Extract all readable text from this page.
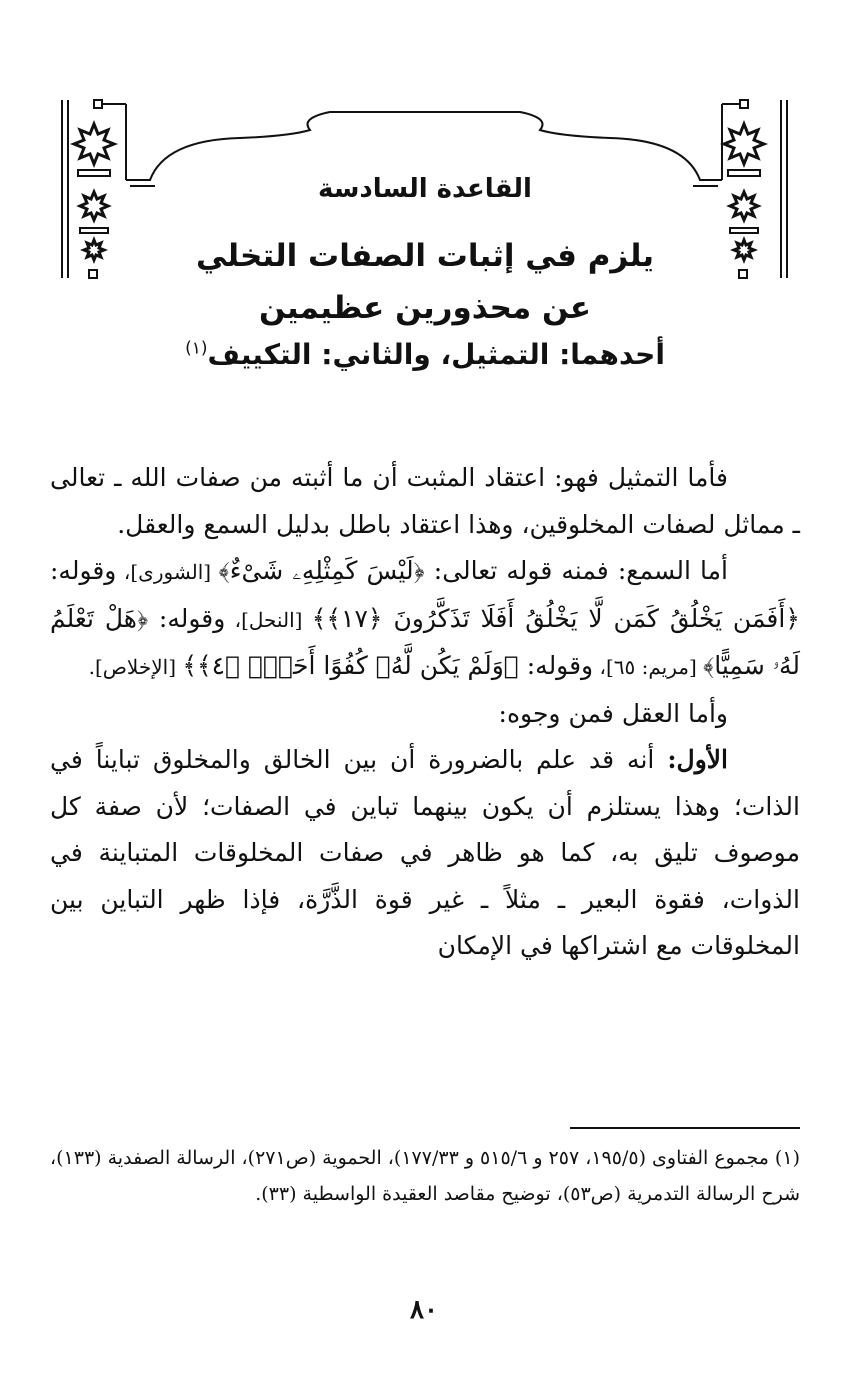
القاعدة السادسة
يلزم في إثبات الصفات التخلي
عن محذورين عظيمين
أحدهما: التمثيل، والثاني: التكييف$^{(١)}$

فأما التمثيل فهو: اعتقاد المثبت أن ما أثبته من صفات الله ـ تعالى ـ مماثل لصفات المخلوقين، وهذا اعتقاد باطل بدليل السمع والعقل.

أما السمع: فمنه قوله تعالى: ﴿لَيْسَ كَمِثْلِهِۦ شَىْءٌ﴾ [الشورى]، وقوله: ﴿أَفَمَن يَخْلُقُ كَمَن لَّا يَخْلُقُ أَفَلَا تَذَكَّرُونَ ﴿١٧﴾﴾ [النحل]، وقوله: ﴿هَلْ تَعْلَمُ لَهُۥ سَمِيًّا﴾ [مريم: ٦٥]، وقوله: ﴿وَلَمْ يَكُن لَّهُۥ كُفُوًا أَحَدٌۢ ﴿٤﴾﴾ [الإخلاص].

وأما العقل فمن وجوه:

الأول: أنه قد علم بالضرورة أن بين الخالق والمخلوق تبايناً في الذات؛ وهذا يستلزم أن يكون بينهما تباين في الصفات؛ لأن صفة كل موصوف تليق به، كما هو ظاهر في صفات المخلوقات المتباينة في الذوات، فقوة البعير ـ مثلاً ـ غير قوة الذَّرَّة، فإذا ظهر التباين بين المخلوقات مع اشتراكها في الإمكان

(١) مجموع الفتاوى (١٩٥/٥، ٢٥٧ و ٥١٥/٦ و ١٧٧/٣٣)، الحموية (ص٢٧١)، الرسالة الصفدية (١٣٣)، شرح الرسالة التدمرية (ص٥٣)، توضيح مقاصد العقيدة الواسطية (٣٣).
٨٠
